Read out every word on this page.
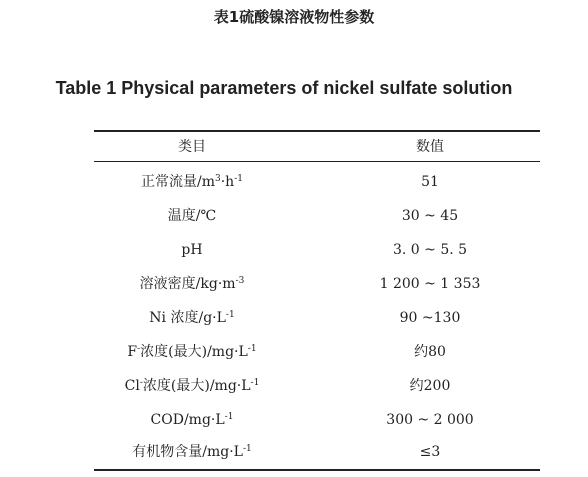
表1硫酸镍溶液物性参数
Table 1 Physical parameters of nickel sulfate solution
类目	数值
正常流量$/m^3\cdot h^{-1}$	51
温度/℃	30 ~ 45
pH	3. 0 ~ 5. 5
溶液密度$/kg\cdot m^{-3}$	1 200 ~ 1 353
Ni 浓度$/g\cdot L^{-1}$	90 ~130
F-浓度(最大)$/mg\cdot L^{-1}$	约80
Cl-浓度(最大)$/mg\cdot L^{-1}$	约200
COD/$mg\cdot L^{-1}$	300 ~ 2 000
有机物含量$/mg\cdot L^{-1}$	≤3
